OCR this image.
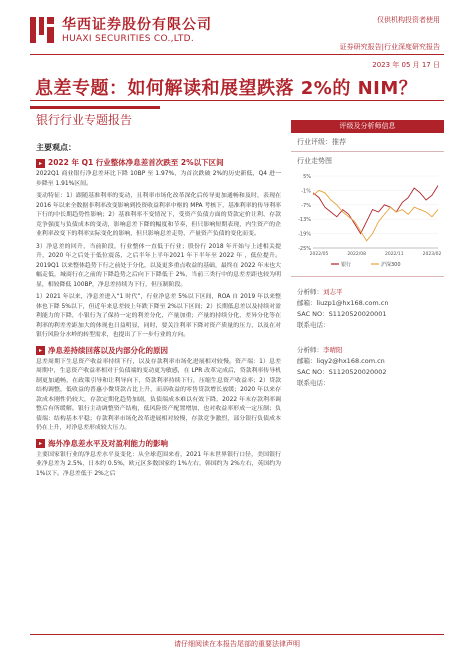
华西证券股份有限公司
HUAXI SECURITIES CO.,LTD.
仅供机构投资者使用
证券研究报告|行业深度研究报告
2023 年 05 月 17 日
息差专题：如何解读和展望跌落 2%的 NIM？
银行行业专题报告	评级及分析师信息
行业评级：推荐
行业走势图
5%
-1%
-7%
-13%
-19%
-25%
2022/05	2022/08	2022/11	2023/02
银行	沪深300
分析师：刘志平
邮箱：liuzp1@hx168.com.cn
SAC NO：S1120520020001
联系电话：
分析师：李晴阳
邮箱：liqy2@hx168.com.cn
SAC NO：S1120520020002
联系电话：
主要观点：
▸ 2022 年 Q1 行业整体净息差首次跌至 2%以下区间
2022Q1 商业银行净息差环比下降 10BP 至 1.97%，为首次跌破 2%的历史新低，Q4 进一步降至 1.91%区间。
变动特征：1）跟随基准利率的变动，且利率市场化改革深化后传导更加通畅和及时，表现在 2016 年以来全数据非利率改变影响到投资收益利率中枢的 MPA 考核下，基准利率的传导利率下行的中长期趋势性影响；2）基准利率不变情况下，受资产负债方面的贷款定价让利、存款竞争强度与负债成本的变动，影响息差下降的幅度和节奏，但只影响短期表现，内生资产的企业利率改变下的利率实际变化的影响，但只影响息差走势，产量资产负债的变化而变。
3）净息差的回升，当前阶段，行业整体一直低于行业；股份行 2018 年开始与上述相关提升，2020 年之后处于低位震荡，之后半年上半年2021 年下半年至 2022 年 ，低位提升。2019Q1 以来整体趋势下行之前处于分化，以及更多重点收益的基础，最终在 2022 年末也大幅走低，城商行在之前的下降趋势之后向下下降低于 2%，当前三类行中的息差差距也较为明显，相较降低 100BP，净息差持续为下行，但压制阶段。
1）2021 年以来，净息差进入“1 时代”，行业净息差 5%以下区间，ROA 自 2019 年以来整体也下降 5%以下，但近年来息差较上年跌下降至 2%以下区间；2）长期低息差以及持续对盈利能力的下降，小银行为了保持一定的利差分化，产量加重；产量的持续分化，差异分化等在利率的利差差距加大的体现也日益明显，同时，要关注利率下降对资产质量的压力，以及在对银行风险分水岭的转型需求，也提出了下一步行业的方向。
▸ 净息差持续回落以及内部分化的原因
息差周期下生息资产收益率持续下行，以及存款利率市场化进展相对较慢。资产端：1）息差周期中，生息资产收益率相对于负债端的变动更为敏感，在 LPR 改革完成后，贷款利率传导机制更加通畅，在政策引导和让利导向下，贷款利率持续下行，压缩生息资产收益率；2）贷款结构调整，低收益的普惠小微贷款占比上升，而高收益的零售贷款增长放缓；2020 年以来存款成本刚性仍较大，存款定期化趋势加剧，负债端成本难以有效下降，2022 年末存款利率调整后有所缓解。银行主动调整资产结构，低风险资产配置增加，也对收益率形成一定压制；负债端：结构基本平稳；存款利率市场化改革进展相对较慢，存款竞争激烈，部分银行负债成本仍在上升，对净息差形成较大压力。
▸ 海外净息差水平及对盈利能力的影响
主要国家银行业的净息差水平及变化：从全球范围来看，2021 年末世界银行口径，美国银行业净息差为 2.5%，日本约 0.5%，欧元区多数国家约 1%左右，韩国约为 2%左右，英国约为 1%以下。净息差低于 2%之后
请仔细阅读在本报告尾部的重要法律声明
